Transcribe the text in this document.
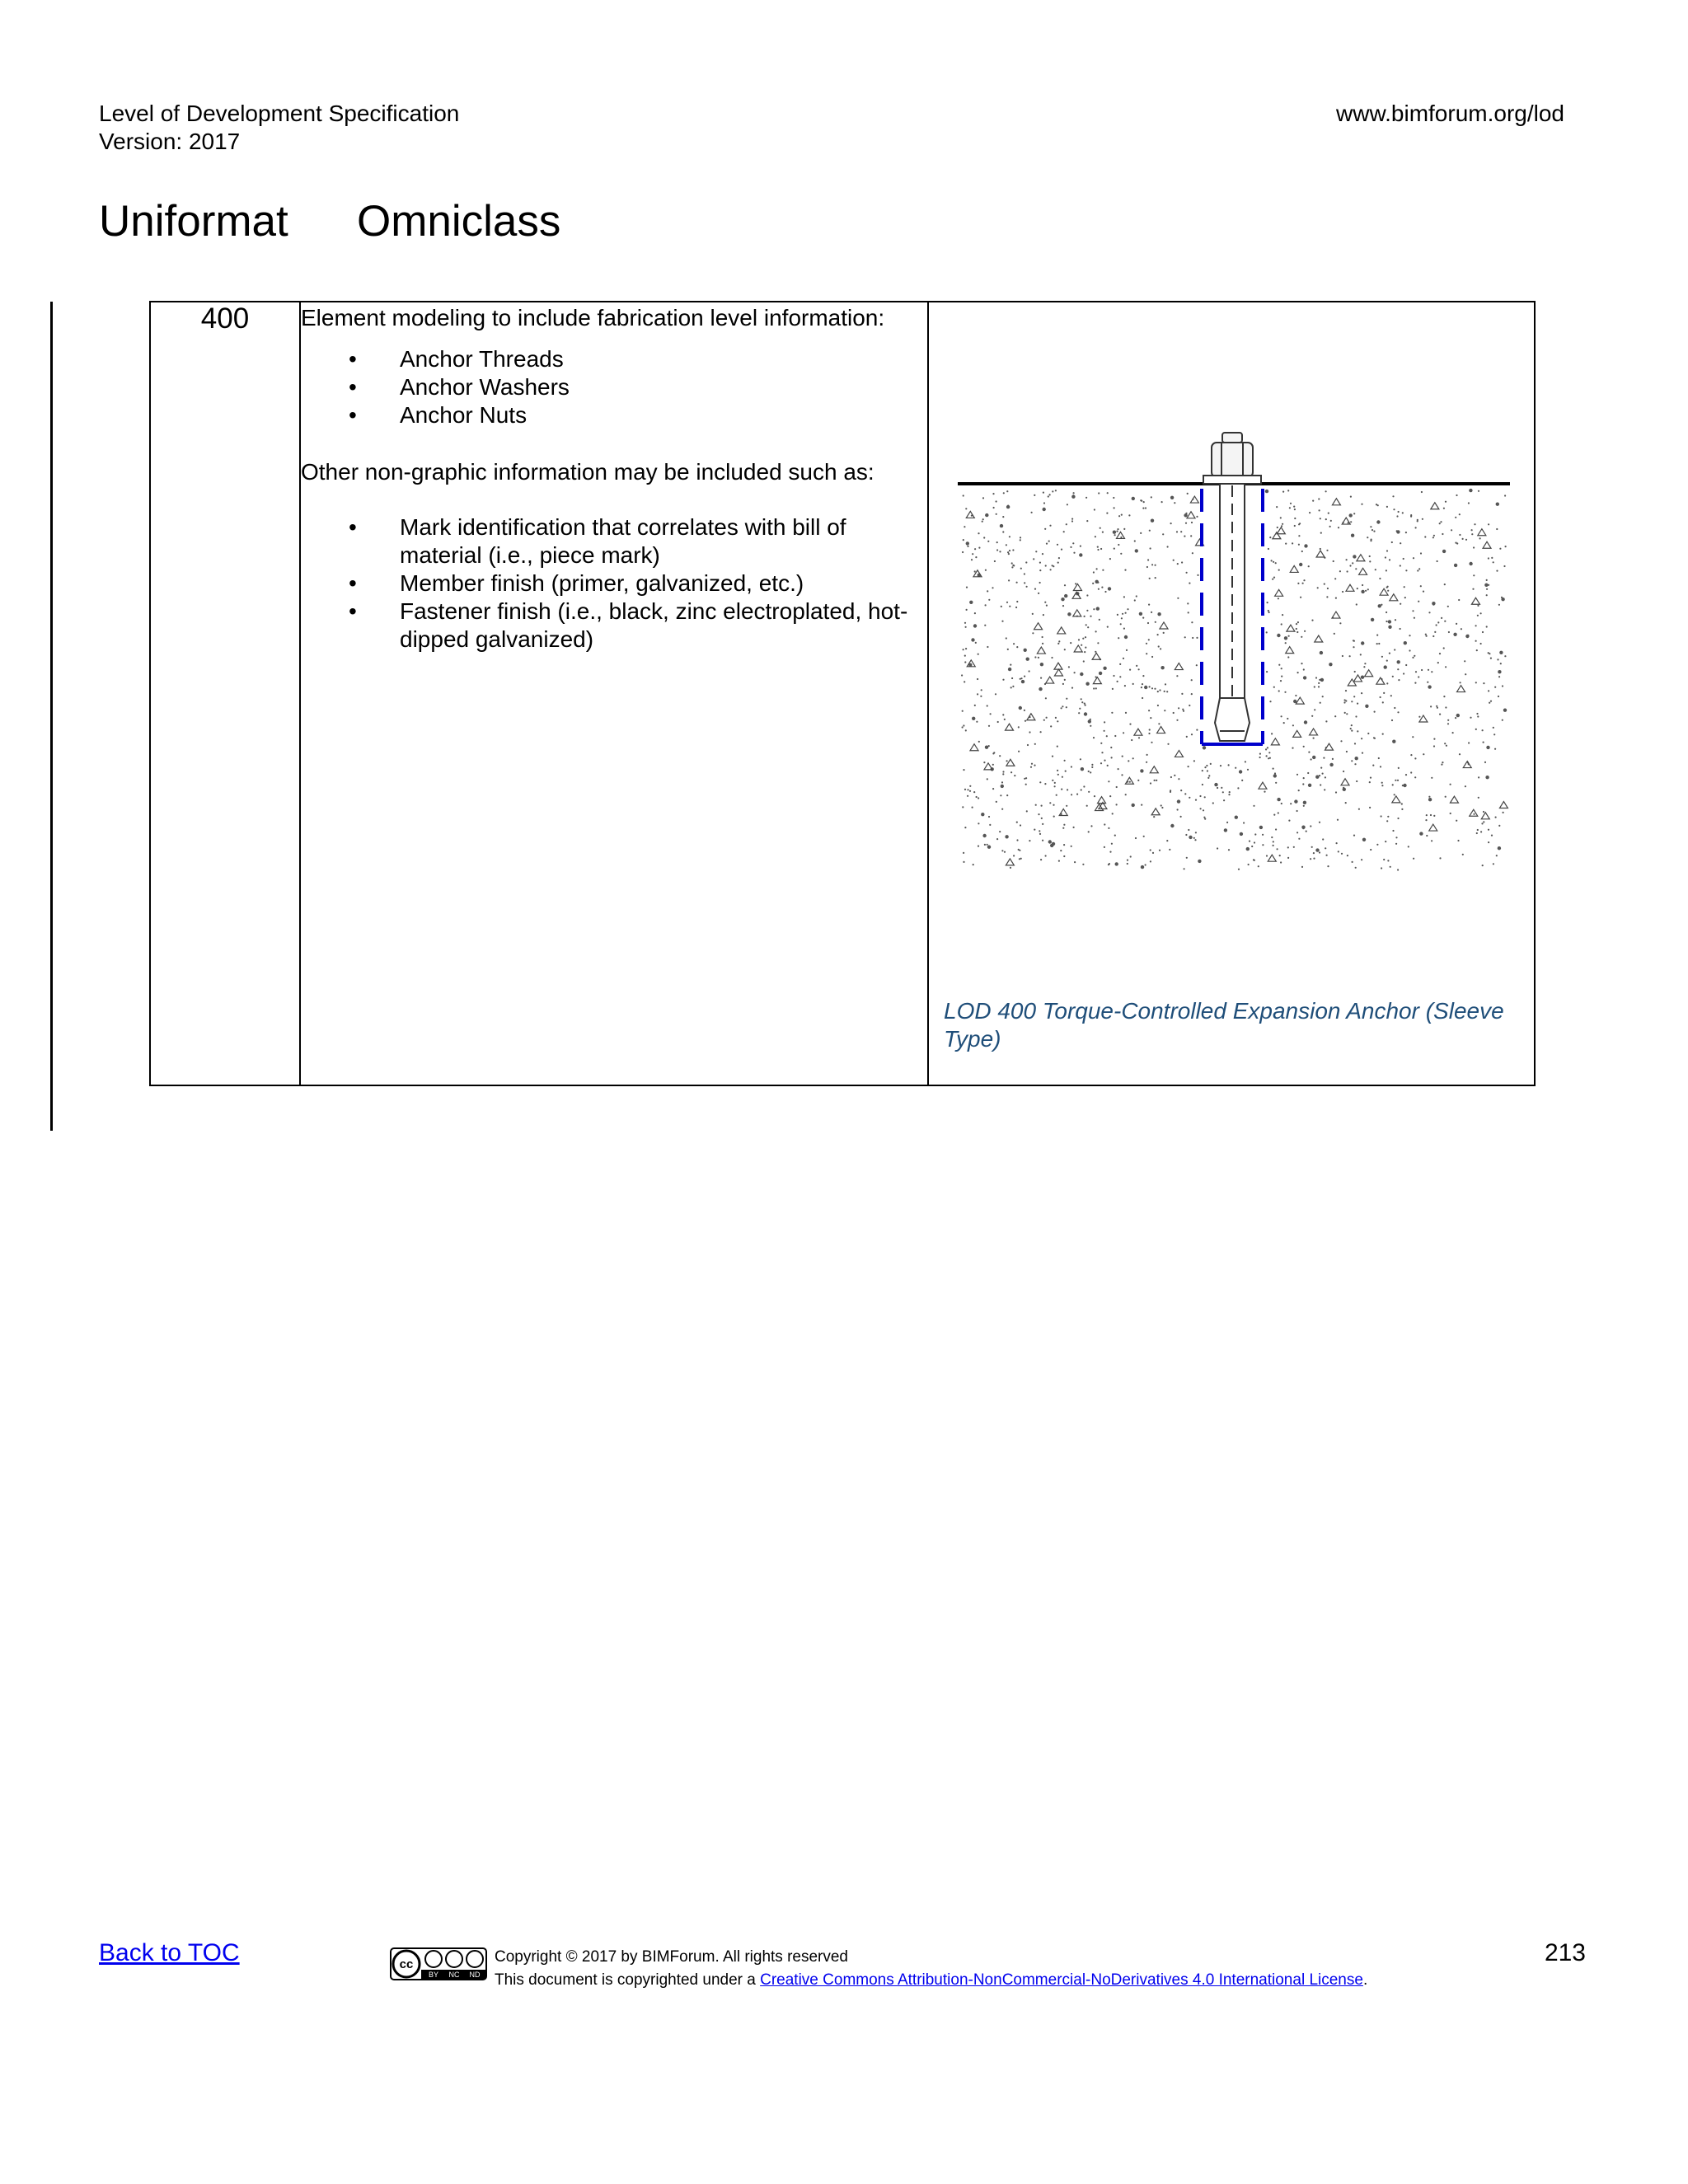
Level of Development Specification
Version: 2017
www.bimforum.org/lod
Uniformat Omniclass
400	Element modeling to include fabrication level information:

• Anchor Threads
• Anchor Washers
• Anchor Nuts

Other non-graphic information may be included such as:

• Mark identification that correlates with bill of material (i.e., piece mark)
• Member finish (primer, galvanized, etc.)
• Fastener finish (i.e., black, zinc electroplated, hot-dipped galvanized)

LOD 400 Torque-Controlled Expansion Anchor (Sleeve Type)
Back to TOC	cc
BY NC ND
Copyright © 2017 by BIMForum. All rights reserved
This document is copyrighted under a Creative Commons Attribution-NonCommercial-NoDerivatives 4.0 International License.
213
